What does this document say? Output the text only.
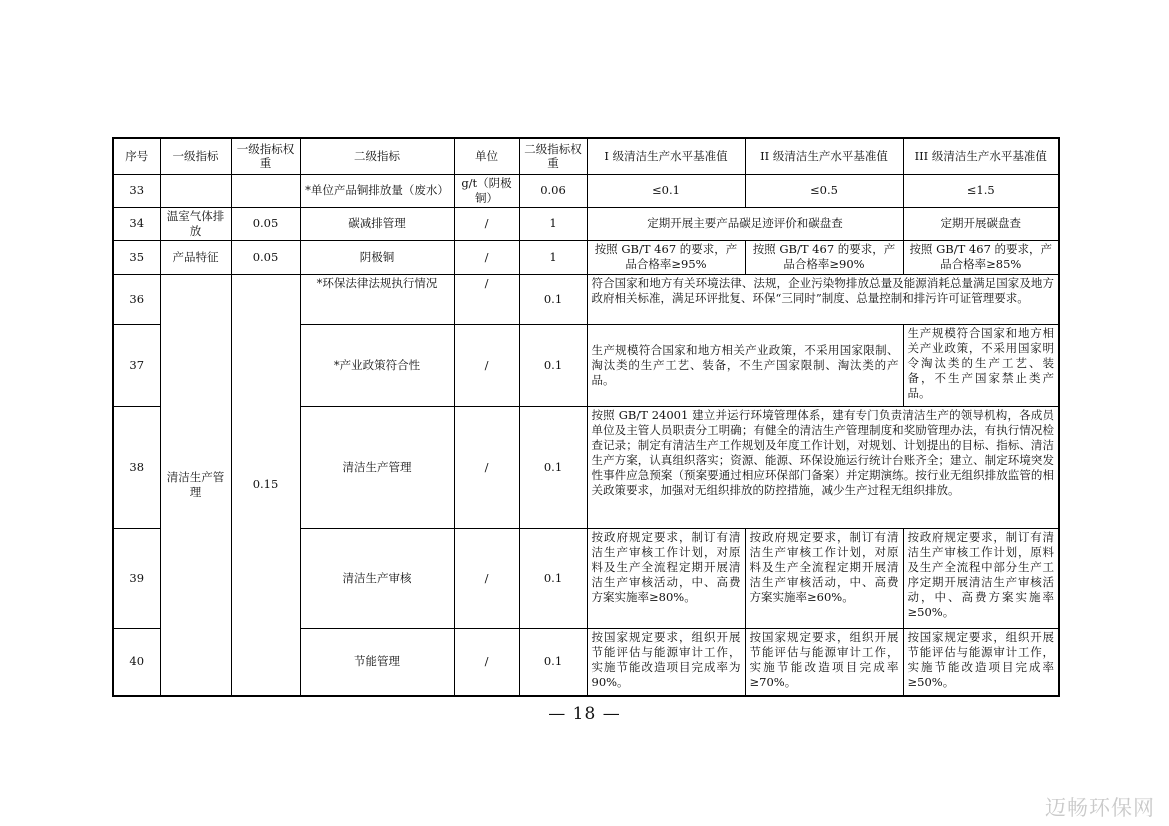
序号	一级指标	一级指标权重	二级指标	单位	二级指标权重	I 级清洁生产水平基准值	II 级清洁生产水平基准值	III 级清洁生产水平基准值
33			*单位产品铜排放量（废水）	g/t（阴极铜）	0.06	≤0.1	≤0.5	≤1.5
34	温室气体排放	0.05	碳减排管理	/	1	定期开展主要产品碳足迹评价和碳盘查		定期开展碳盘查
35	产品特征	0.05	阴极铜	/	1	按照 GB/T 467 的要求，产品合格率≥95%	按照 GB/T 467 的要求，产品合格率≥90%	按照 GB/T 467 的要求，产品合格率≥85%
36	清洁生产管理	0.15	*环保法律法规执行情况	/	0.1	符合国家和地方有关环境法律、法规，企业污染物排放总量及能源消耗总量满足国家及地方政府相关标准，满足环评批复、环保“三同时”制度、总量控制和排污许可证管理要求。		
37			*产业政策符合性	/	0.1	生产规模符合国家和地方相关产业政策，不采用国家限制、淘汰类的生产工艺、装备，不生产国家限制、淘汰类的产品。		生产规模符合国家和地方相关产业政策，不采用国家明令淘汰类的生产工艺、装备，不生产国家禁止类产品。
38			清洁生产管理	/	0.1	按照 GB/T 24001 建立并运行环境管理体系，建有专门负责清洁生产的领导机构，各成员单位及主管人员职责分工明确；有健全的清洁生产管理制度和奖励管理办法，有执行情况检查记录；制定有清洁生产工作规划及年度工作计划，对规划、计划提出的目标、指标、清洁生产方案，认真组织落实；资源、能源、环保设施运行统计台账齐全；建立、制定环境突发性事件应急预案（预案要通过相应环保部门备案）并定期演练。按行业无组织排放监管的相关政策要求，加强对无组织排放的防控措施，减少生产过程无组织排放。		
39			清洁生产审核	/	0.1	按政府规定要求，制订有清洁生产审核工作计划，对原料及生产全流程定期开展清洁生产审核活动，中、高费方案实施率≥80%。	按政府规定要求，制订有清洁生产审核工作计划，对原料及生产全流程定期开展清洁生产审核活动，中、高费方案实施率≥60%。	按政府规定要求，制订有清洁生产审核工作计划，原料及生产全流程中部分生产工序定期开展清洁生产审核活动，中、高费方案实施率≥50%。
40			节能管理	/	0.1	按国家规定要求，组织开展节能评估与能源审计工作，实施节能改造项目完成率为 90%。	按国家规定要求，组织开展节能评估与能源审计工作，实施节能改造项目完成率≥70%。	按国家规定要求，组织开展节能评估与能源审计工作，实施节能改造项目完成率≥50%。
— 18 —
迈畅环保网
